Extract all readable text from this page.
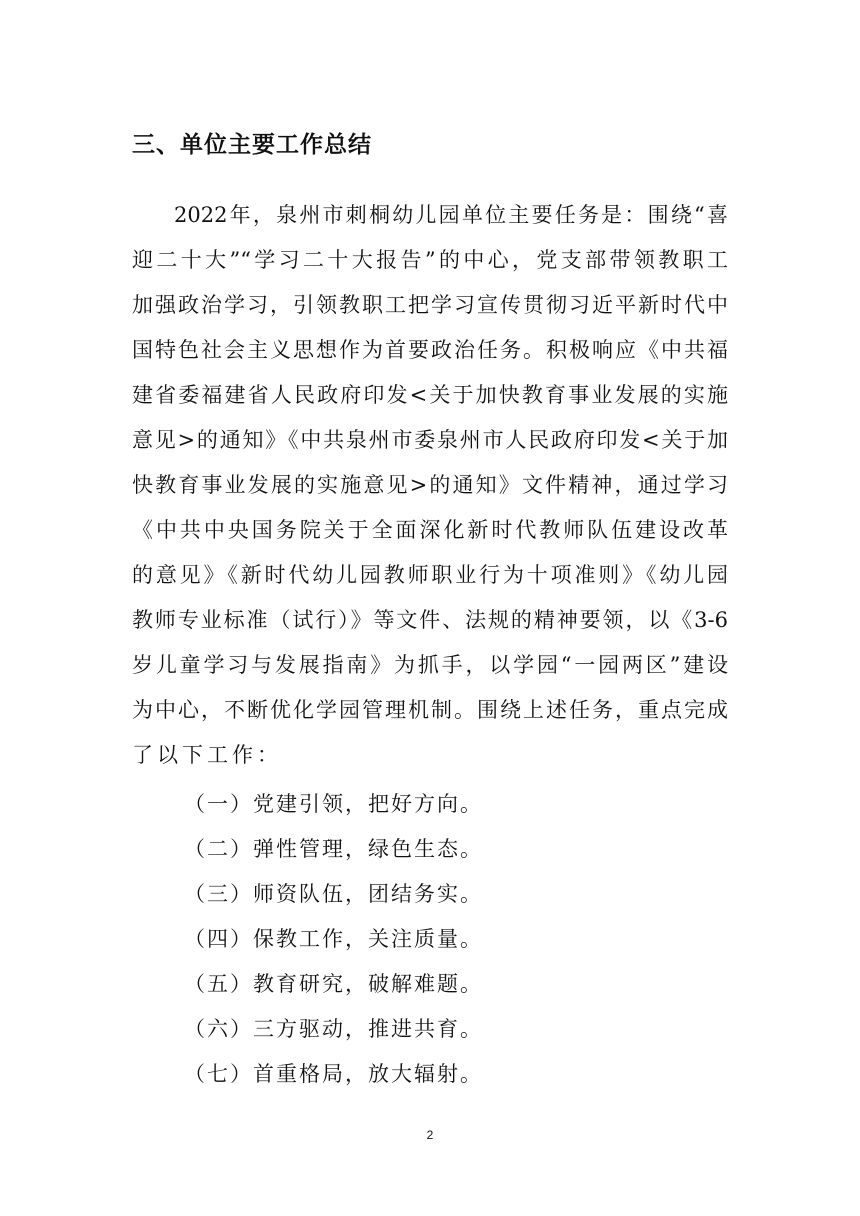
三、单位主要工作总结
2022年，泉州市刺桐幼儿园单位主要任务是：围绕“喜
迎二十大”“学习二十大报告”的中心，党支部带领教职工
加强政治学习，引领教职工把学习宣传贯彻习近平新时代中
国特色社会主义思想作为首要政治任务。积极响应《中共福
建省委福建省人民政府印发<关于加快教育事业发展的实施
意见>的通知》《中共泉州市委泉州市人民政府印发<关于加
快教育事业发展的实施意见>的通知》文件精神，通过学习
《中共中央国务院关于全面深化新时代教师队伍建设改革
的意见》《新时代幼儿园教师职业行为十项准则》《幼儿园
教师专业标准（试行）》等文件、法规的精神要领，以《3-6
岁儿童学习与发展指南》为抓手，以学园“一园两区”建设
为中心，不断优化学园管理机制。围绕上述任务，重点完成
了以下工作：
（一）党建引领，把好方向。
（二）弹性管理，绿色生态。
（三）师资队伍，团结务实。
（四）保教工作，关注质量。
（五）教育研究，破解难题。
（六）三方驱动，推进共育。
（七）首重格局，放大辐射。
2
